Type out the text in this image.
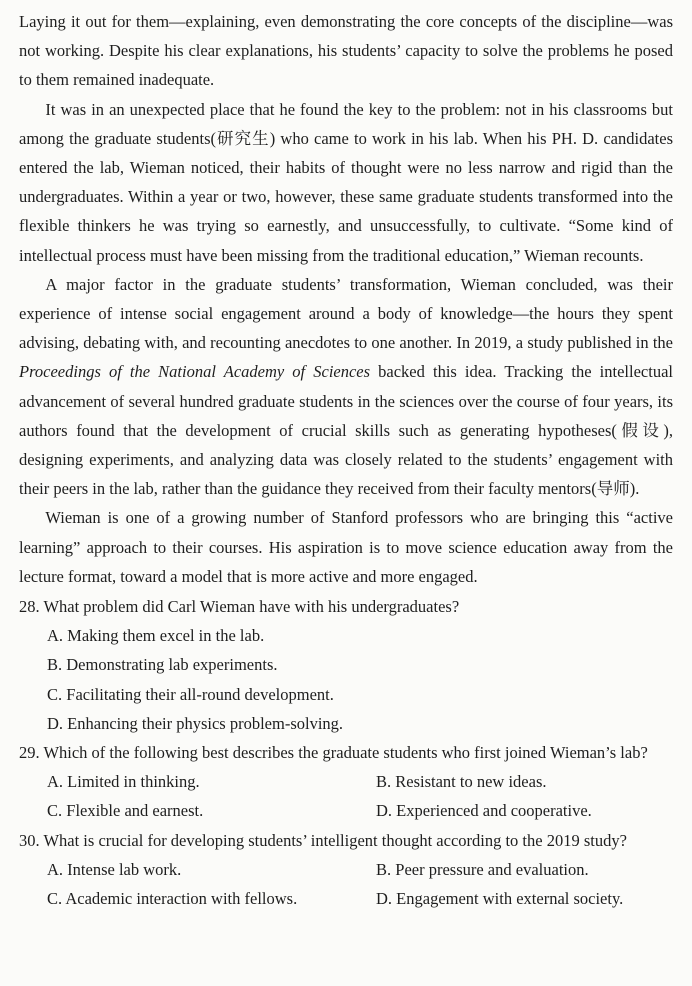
Laying it out for them—explaining, even demonstrating the core concepts of the discipline—was not working. Despite his clear explanations, his students’ capacity to solve the problems he posed to them remained inadequate.

It was in an unexpected place that he found the key to the problem: not in his classrooms but among the graduate students(研究生) who came to work in his lab. When his PH. D. candidates entered the lab, Wieman noticed, their habits of thought were no less narrow and rigid than the undergraduates. Within a year or two, however, these same graduate students transformed into the flexible thinkers he was trying so earnestly, and unsuccessfully, to cultivate. “Some kind of intellectual process must have been missing from the traditional education,” Wieman recounts.

A major factor in the graduate students’ transformation, Wieman concluded, was their experience of intense social engagement around a body of knowledge—the hours they spent advising, debating with, and recounting anecdotes to one another. In 2019, a study published in the Proceedings of the National Academy of Sciences backed this idea. Tracking the intellectual advancement of several hundred graduate students in the sciences over the course of four years, its authors found that the development of crucial skills such as generating hypotheses(假设), designing experiments, and analyzing data was closely related to the students’ engagement with their peers in the lab, rather than the guidance they received from their faculty mentors(导师).

Wieman is one of a growing number of Stanford professors who are bringing this “active learning” approach to their courses. His aspiration is to move science education away from the lecture format, toward a model that is more active and more engaged.

28. What problem did Carl Wieman have with his undergraduates?

A. Making them excel in the lab.

B. Demonstrating lab experiments.

C. Facilitating their all-round development.

D. Enhancing their physics problem-solving.

29. Which of the following best describes the graduate students who first joined Wieman’s lab?

A. Limited in thinking.	B. Resistant to new ideas.

C. Flexible and earnest.	D. Experienced and cooperative.

30. What is crucial for developing students’ intelligent thought according to the 2019 study?

A. Intense lab work.	B. Peer pressure and evaluation.

C. Academic interaction with fellows.	D. Engagement with external society.
